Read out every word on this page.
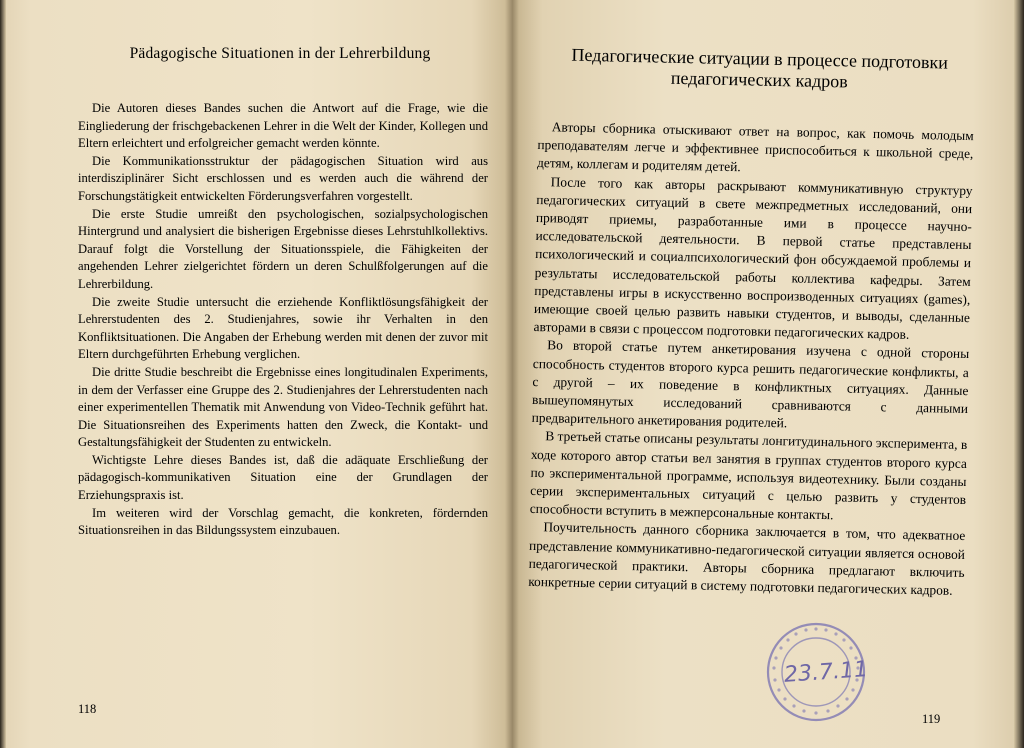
Pädagogische Situationen in der Lehrerbildung

Die Autoren dieses Bandes suchen die Antwort auf die Frage, wie die Eingliederung der frischgebackenen Lehrer in die Welt der Kinder, Kollegen und Eltern erleichtert und erfolgreicher gemacht werden könnte.

Die Kommunikationsstruktur der pädagogischen Situation wird aus interdisziplinärer Sicht erschlossen und es werden auch die während der Forschungstätigkeit entwickelten Förderungsverfahren vorgestellt.

Die erste Studie umreißt den psychologischen, sozialpsychologischen Hintergrund und analysiert die bisherigen Ergebnisse dieses Lehrstuhlkollektivs. Darauf folgt die Vorstellung der Situationsspiele, die Fähigkeiten der angehenden Lehrer zielgerichtet fördern un deren Schulßfolgerungen auf die Lehrerbildung.

Die zweite Studie untersucht die erziehende Konfliktlösungsfähigkeit der Lehrerstudenten des 2. Studienjahres, sowie ihr Verhalten in den Konfliktsituationen. Die Angaben der Erhebung werden mit denen der zuvor mit Eltern durchgeführten Erhebung verglichen.

Die dritte Studie beschreibt die Ergebnisse eines longitudinalen Experiments, in dem der Verfasser eine Gruppe des 2. Studienjahres der Lehrerstudenten nach einer experimentellen Thematik mit Anwendung von Video-Technik geführt hat. Die Situationsreihen des Experiments hatten den Zweck, die Kontakt- und Gestaltungsfähigkeit der Studenten zu entwickeln.

Wichtigste Lehre dieses Bandes ist, daß die adäquate Erschließung der pädagogisch-kommunikativen Situation eine der Grundlagen der Erziehungspraxis ist.

Im weiteren wird der Vorschlag gemacht, die konkreten, fördernden Situationsreihen in das Bildungssystem einzubauen.

118
Педагогические ситуации в процессе подготовки педагогических кадров

Авторы сборника отыскивают ответ на вопрос, как помочь молодым преподавателям легче и эффективнее приспособиться к школьной среде, детям, коллегам и родителям детей.

После того как авторы раскрывают коммуникативную структуру педагогических ситуаций в свете межпредметных исследований, они приводят приемы, разработанные ими в процессе научно-исследовательской деятельности. В первой статье представлены психологический и социалпсихологический фон обсуждаемой проблемы и результаты исследовательской работы коллектива кафедры. Затем представлены игры в искусственно воспроизводенных ситуациях (games), имеющие своей целью развить навыки студентов, и выводы, сделанные авторами в связи с процессом подготовки педагогических кадров.

Во второй статье путем анкетирования изучена с одной стороны способность студентов второго курса решить педагогические конфликты, а с другой – их поведение в конфликтных ситуациях. Данные вышеупомянутых исследований сравниваются с данными предварительного анкетирования родителей.

В третьей статье описаны результаты лонгитудинального эксперимента, в ходе которого автор статьи вел занятия в группах студентов второго курса по экспериментальной программе, используя видеотехнику. Были созданы серии экспериментальных ситуаций с целью развить у студентов способности вступить в межперсональные контакты.

Поучительность данного сборника заключается в том, что адекватное представление коммуникативно-педагогической ситуации является основой педагогической практики. Авторы сборника предлагают включить конкретные серии ситуаций в систему подготовки педагогических кадров.

119
23.7.11
